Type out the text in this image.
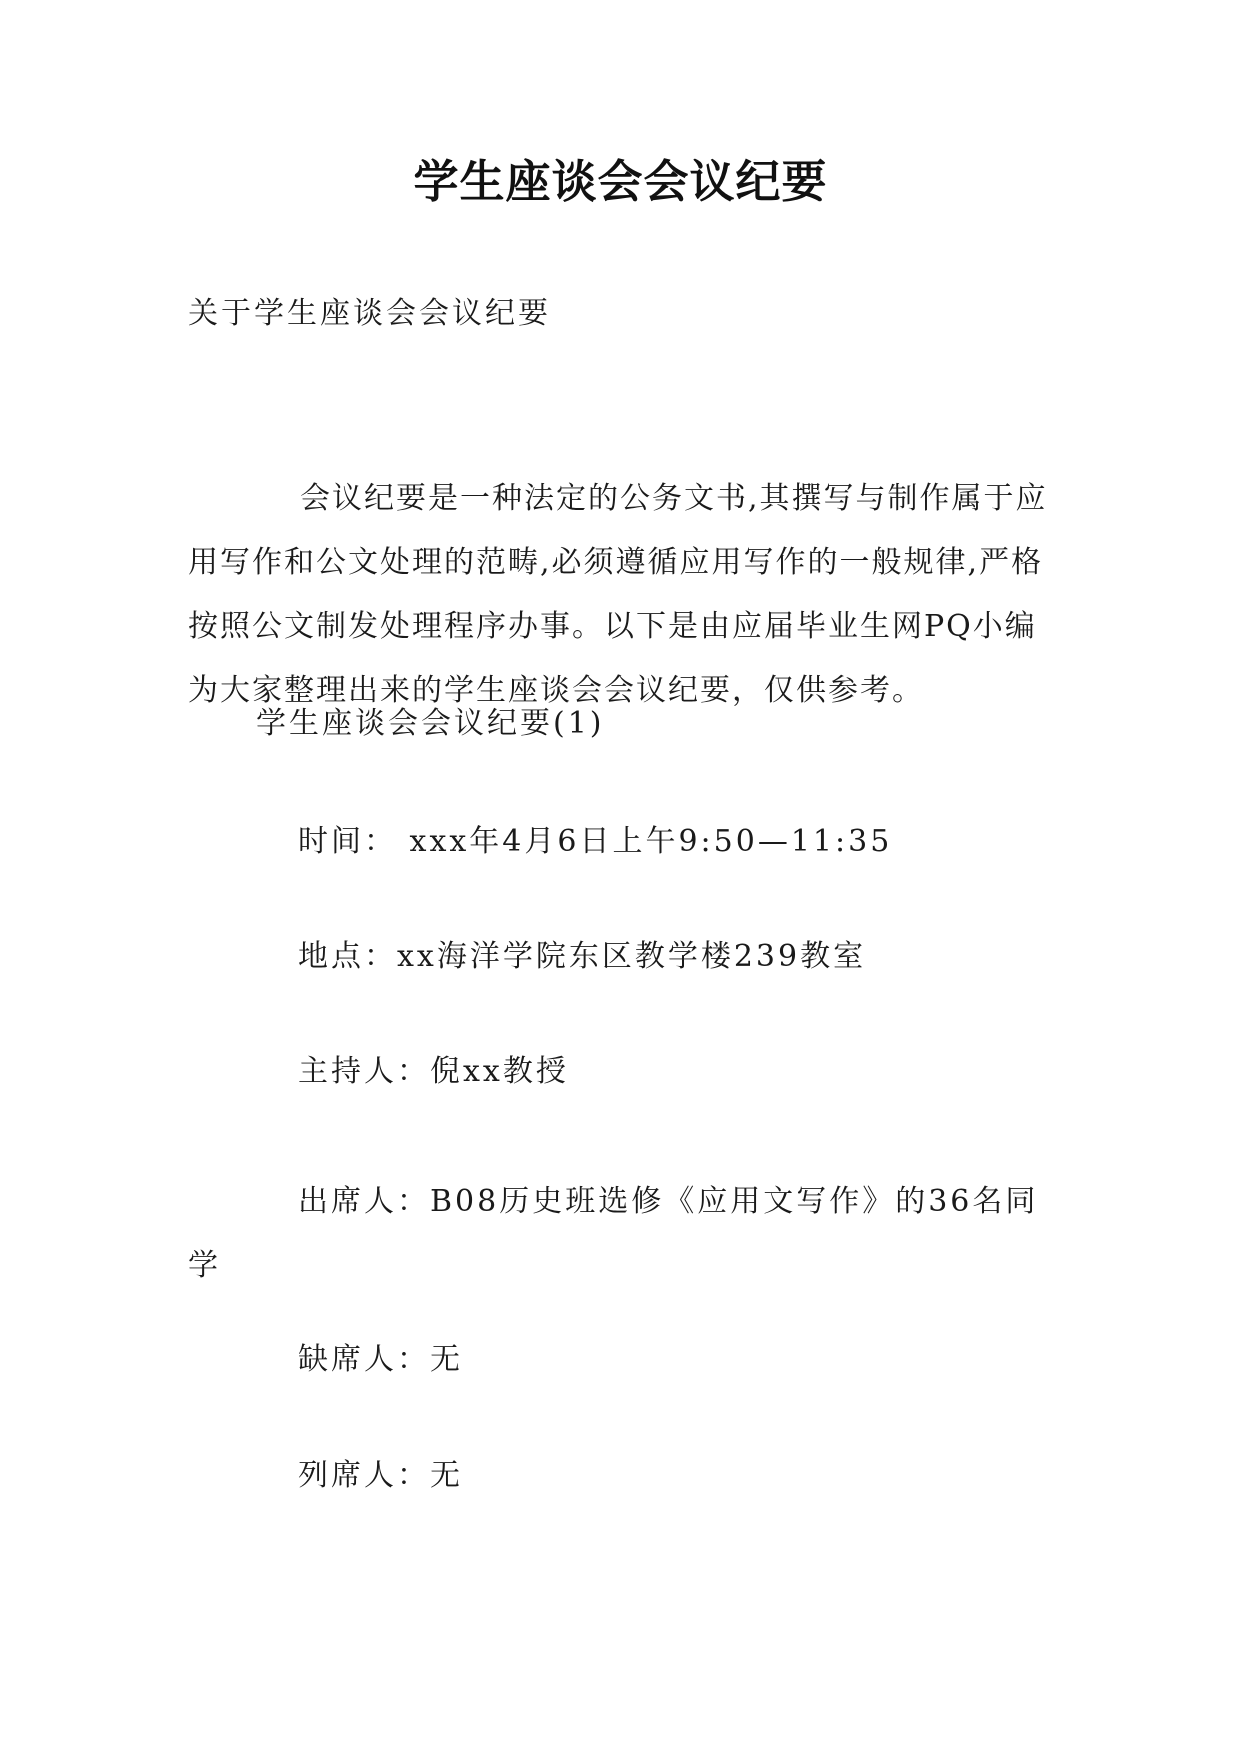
学生座谈会会议纪要

关于学生座谈会会议纪要

会议纪要是一种法定的公务文书,其撰写与制作属于应用写作和公文处理的范畴,必须遵循应用写作的一般规律,严格按照公文制发处理程序办事。以下是由应届毕业生网PQ小编为大家整理出来的学生座谈会会议纪要，仅供参考。

学生座谈会会议纪要(1)

时间： xxx年4月6日上午9:50—11:35

地点：xx海洋学院东区教学楼239教室

主持人：倪xx教授

出席人：B08历史班选修《应用文写作》的36名同学

缺席人：无

列席人：无
